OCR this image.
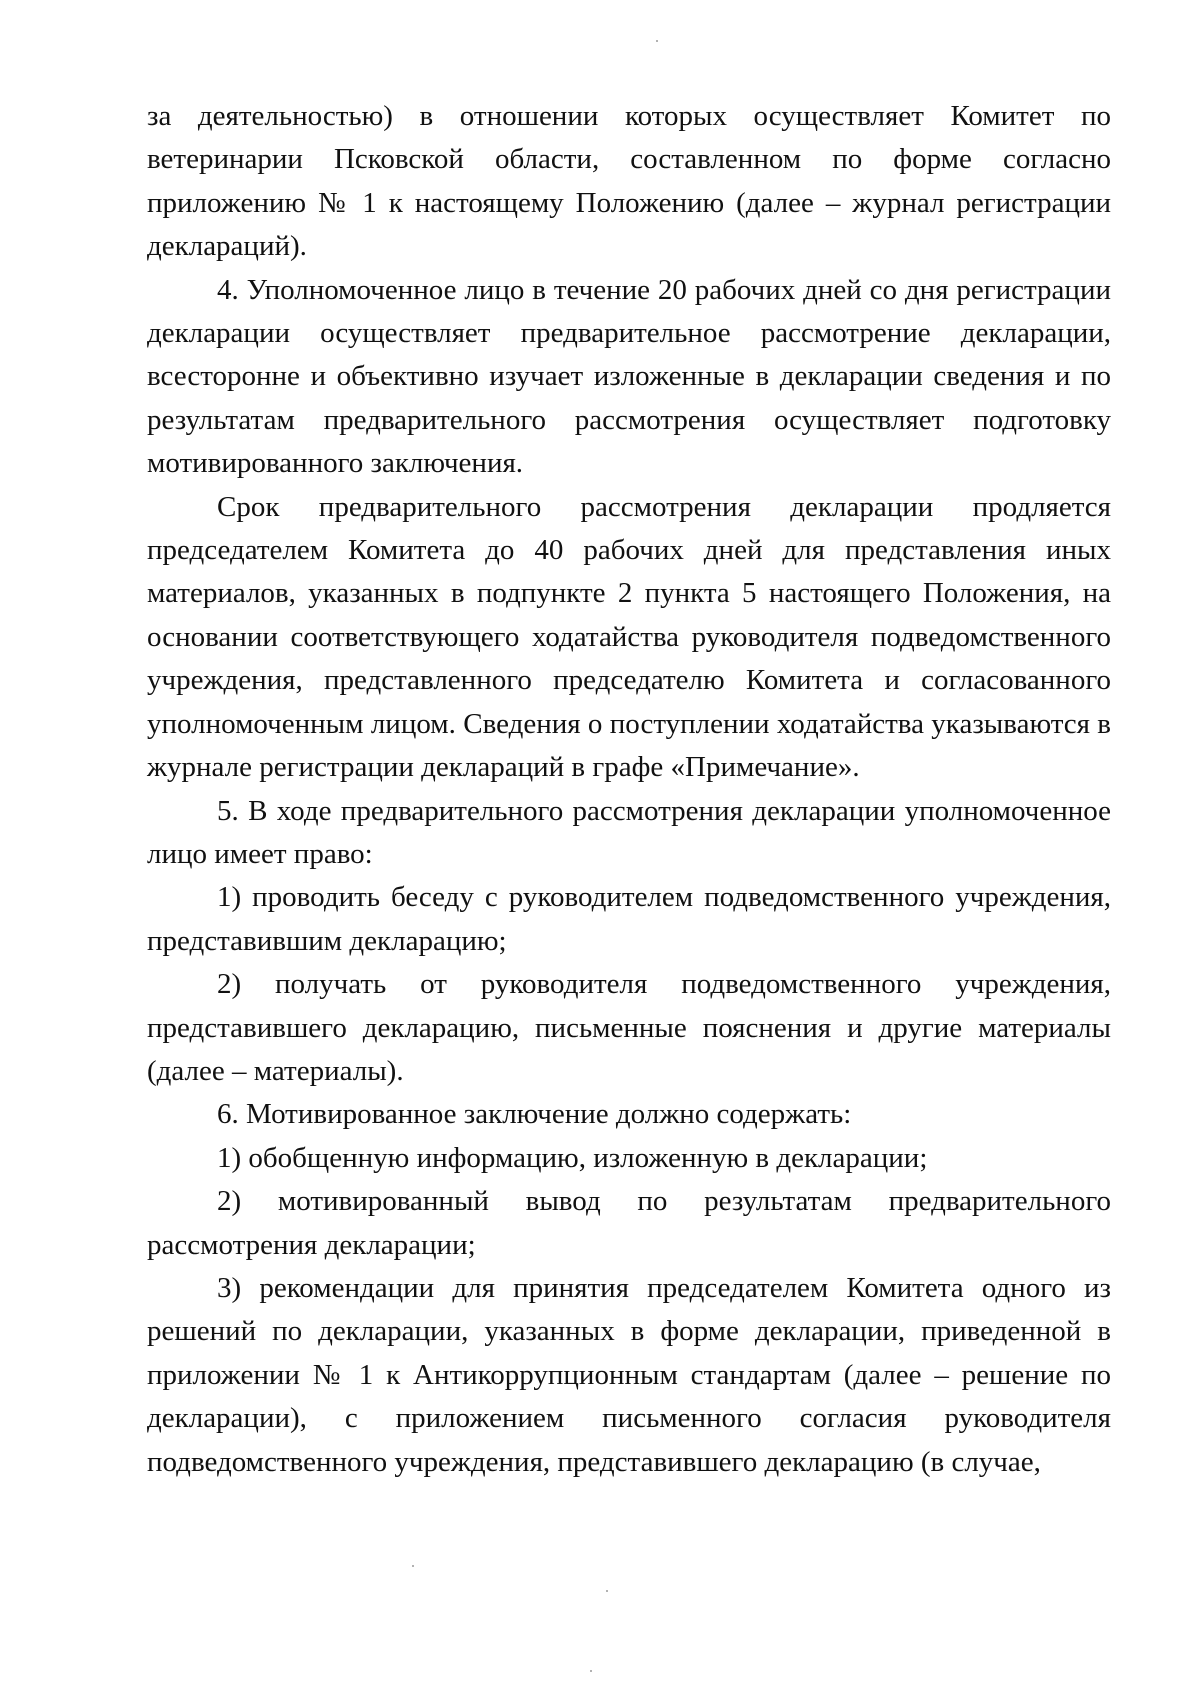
за деятельностью) в отношении которых осуществляет Комитет по ветеринарии Псковской области, составленном по форме согласно приложению № 1 к настоящему Положению (далее – журнал регистрации деклараций).

4. Уполномоченное лицо в течение 20 рабочих дней со дня регистрации декларации осуществляет предварительное рассмотрение декларации, всесторонне и объективно изучает изложенные в декларации сведения и по результатам предварительного рассмотрения осуществляет подготовку мотивированного заключения.

Срок предварительного рассмотрения декларации продляется председателем Комитета до 40 рабочих дней для представления иных материалов, указанных в подпункте 2 пункта 5 настоящего Положения, на основании соответствующего ходатайства руководителя подведомственного учреждения, представленного председателю Комитета и согласованного уполномоченным лицом. Сведения о поступлении ходатайства указываются в журнале регистрации деклараций в графе «Примечание».

5. В ходе предварительного рассмотрения декларации уполномоченное лицо имеет право:

1) проводить беседу с руководителем подведомственного учреждения, представившим декларацию;

2) получать от руководителя подведомственного учреждения, представившего декларацию, письменные пояснения и другие материалы (далее – материалы).

6. Мотивированное заключение должно содержать:

1) обобщенную информацию, изложенную в декларации;

2) мотивированный вывод по результатам предварительного рассмотрения декларации;

3) рекомендации для принятия председателем Комитета одного из решений по декларации, указанных в форме декларации, приведенной в приложении № 1 к Антикоррупционным стандартам (далее – решение по декларации), с приложением письменного согласия руководителя подведомственного учреждения, представившего декларацию (в случае,
